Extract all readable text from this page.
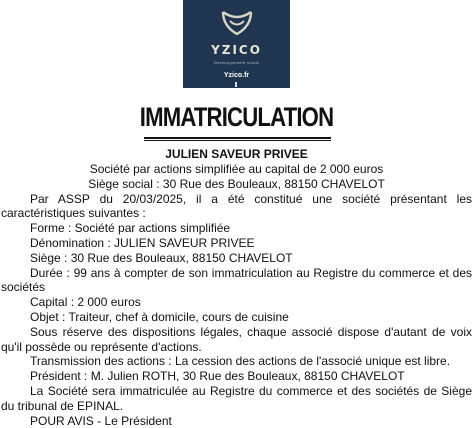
YZICO
Développement social
Yzico.fr
IMMATRICULATION
JULIEN SAVEUR PRIVEE

Société par actions simplifiée au capital de 2 000 euros

Siège social : 30 Rue des Bouleaux, 88150 CHAVELOT

Par ASSP du 20/03/2025, il a été constitué une société présentant les caractéristiques suivantes :

Forme : Société par actions simplifiée

Dénomination : JULIEN SAVEUR PRIVEE

Siège : 30 Rue des Bouleaux, 88150 CHAVELOT

Durée : 99 ans à compter de son immatriculation au Registre du commerce et des sociétés

Capital : 2 000 euros

Objet : Traiteur, chef à domicile, cours de cuisine

Sous réserve des dispositions légales, chaque associé dispose d'autant de voix qu'il possède ou représente d'actions.

Transmission des actions : La cession des actions de l'associé unique est libre.

Président : M. Julien ROTH, 30 Rue des Bouleaux, 88150 CHAVELOT

La Société sera immatriculée au Registre du commerce et des sociétés de Siège du tribunal de EPINAL.

POUR AVIS - Le Président
